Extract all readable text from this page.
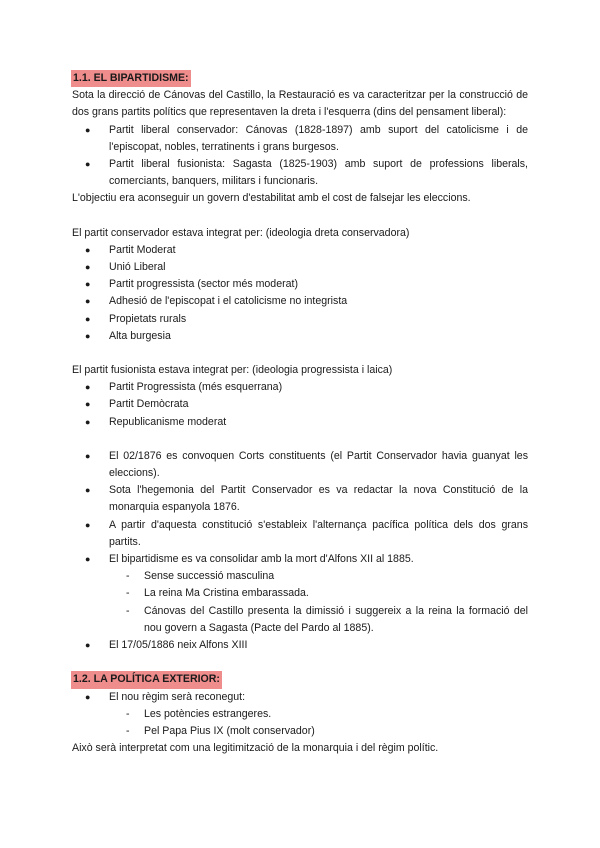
1.1. EL BIPARTIDISME:

Sota la direcció de Cánovas del Castillo, la Restauració es va caracteritzar per la construcció de dos grans partits polítics que representaven la dreta i l'esquerra (dins del pensament liberal):

● Partit liberal conservador: Cánovas (1828-1897) amb suport del catolicisme i de l'episcopat, nobles, terratinents i grans burgesos.
● Partit liberal fusionista: Sagasta (1825-1903) amb suport de professions liberals, comerciants, banquers, militars i funcionaris.

L'objectiu era aconseguir un govern d'estabilitat amb el cost de falsejar les eleccions.

El partit conservador estava integrat per: (ideologia dreta conservadora)

● Partit Moderat
● Unió Liberal
● Partit progressista (sector més moderat)
● Adhesió de l'episcopat i el catolicisme no integrista
● Propietats rurals
● Alta burgesia

El partit fusionista estava integrat per: (ideologia progressista i laica)

● Partit Progressista (més esquerrana)
● Partit Demòcrata
● Republicanisme moderat
● El 02/1876 es convoquen Corts constituents (el Partit Conservador havia guanyat les eleccions).
● Sota l'hegemonia del Partit Conservador es va redactar la nova Constitució de la monarquia espanyola 1876.
● A partir d'aquesta constitució s'estableix l'alternança pacífica política dels dos grans partits.
● El bipartidisme es va consolidar amb la mort d'Alfons XII al 1885.
- Sense successió masculina
- La reina Ma Cristina embarassada.
- Cánovas del Castillo presenta la dimissió i suggereix a la reina la formació del nou govern a Sagasta (Pacte del Pardo al 1885).
● El 17/05/1886 neix Alfons XIII
1.2. LA POLÍTICA EXTERIOR:
● El nou règim serà reconegut:
- Les potències estrangeres.
- Pel Papa Pius IX (molt conservador)

Això serà interpretat com una legitimització de la monarquia i del règim polític.
